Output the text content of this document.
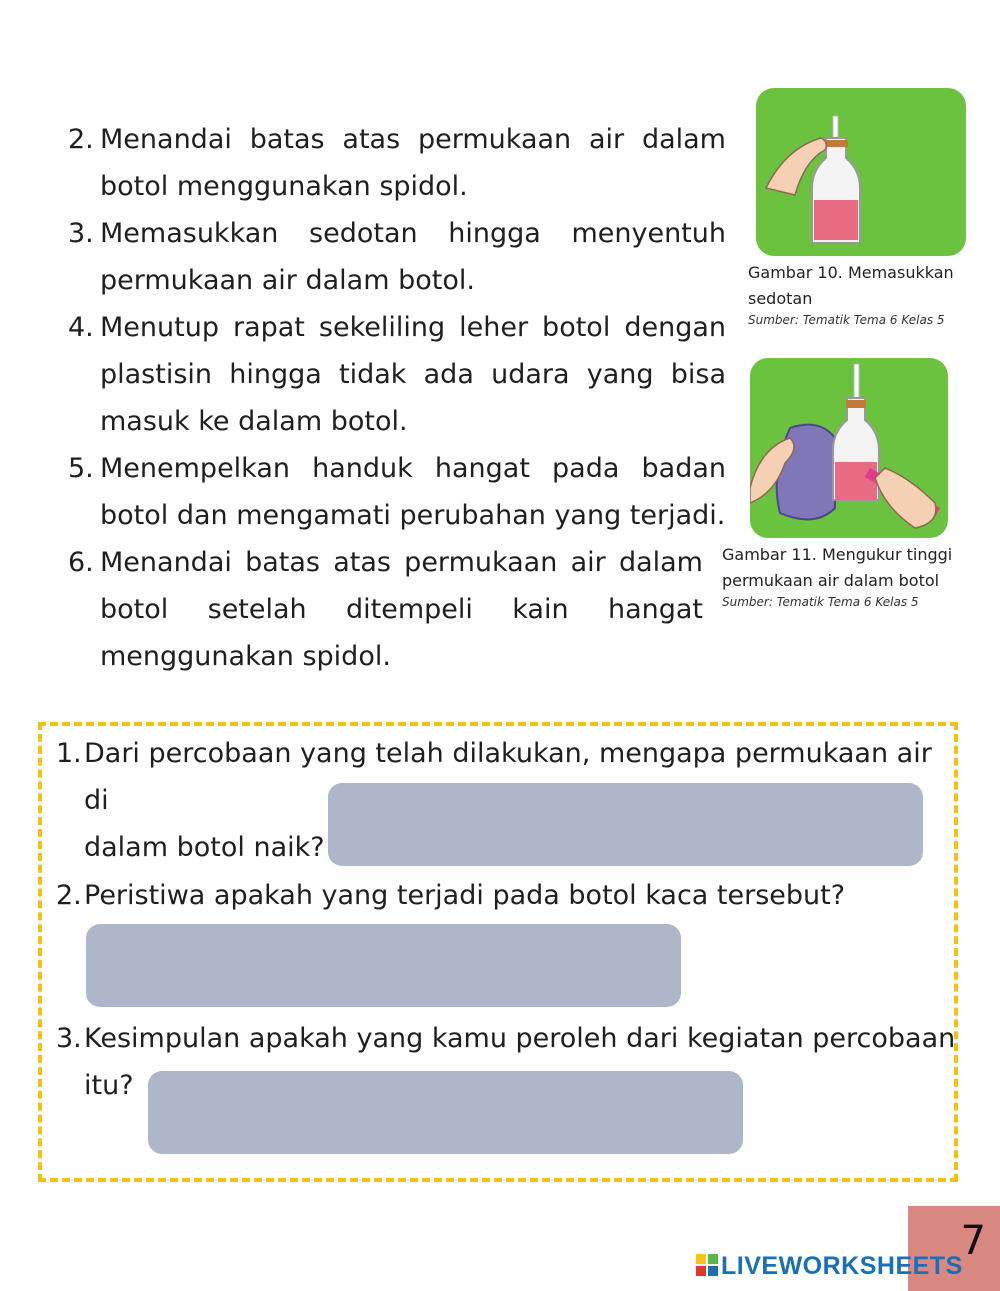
2. Menandai batas atas permukaan air dalam botol menggunakan spidol.
3. Memasukkan sedotan hingga menyentuh permukaan air dalam botol.
4. Menutup rapat sekeliling leher botol dengan plastisin hingga tidak ada udara yang bisa masuk ke dalam botol.
5. Menempelkan handuk hangat pada badan botol dan mengamati perubahan yang terjadi.
6. Menandai batas atas permukaan air dalam botol setelah ditempeli kain hangat menggunakan spidol.
Gambar 10. Memasukkan sedotan
Sumber: Tematik Tema 6 Kelas 5
Gambar 11. Mengukur tinggi permukaan air dalam botol
Sumber: Tematik Tema 6 Kelas 5
1. Dari percobaan yang telah dilakukan, mengapa permukaan air di
dalam botol naik?
2. Peristiwa apakah yang terjadi pada botol kaca tersebut?
3. Kesimpulan apakah yang kamu peroleh dari kegiatan percobaan
itu?
7
LIVEWORKSHEETS
